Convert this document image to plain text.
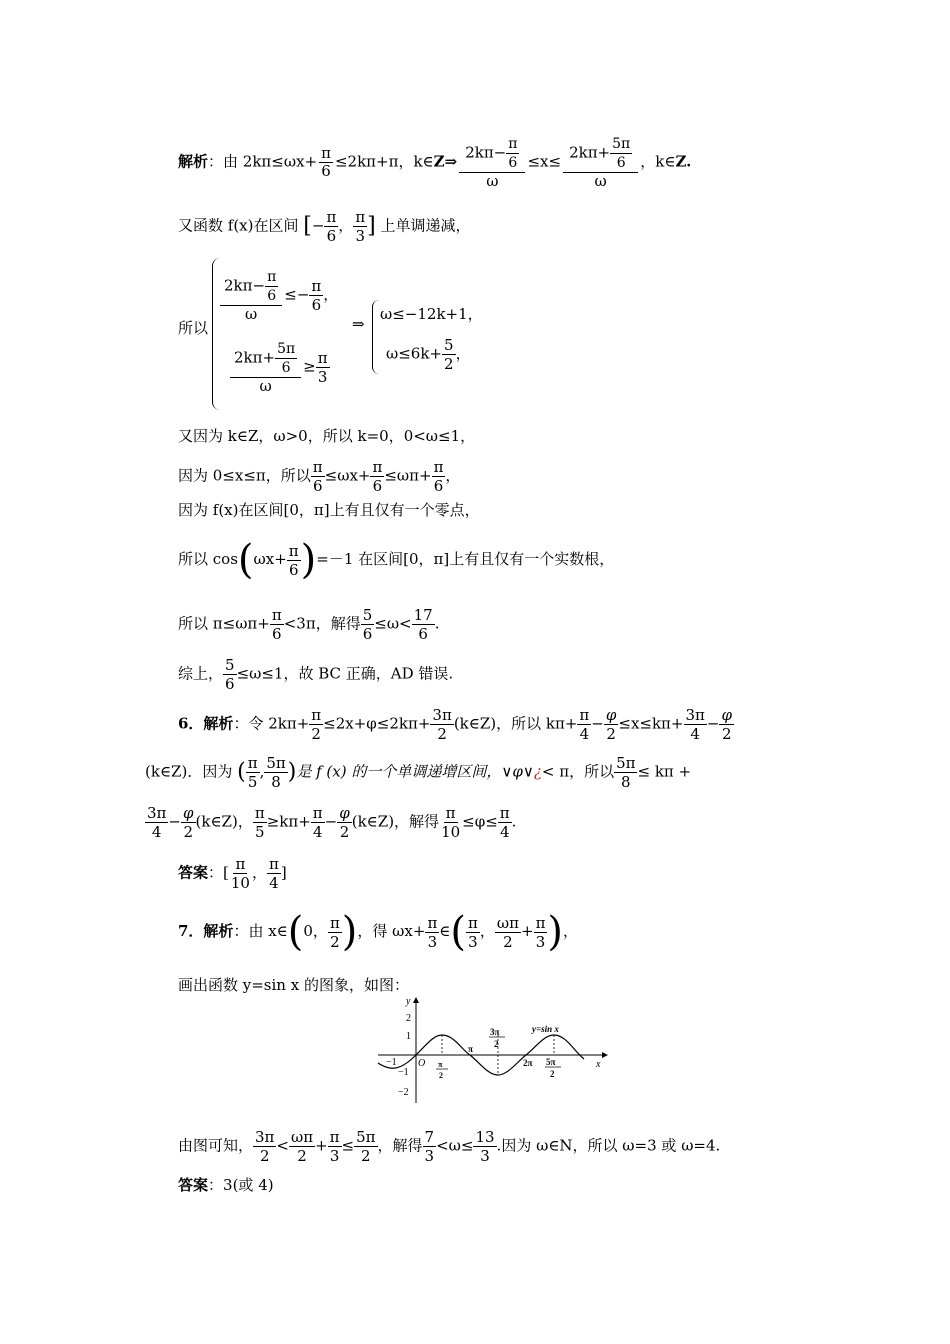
解析：由 $2k\pi\le\omega x+ \frac{\pi}{6} \le 2k\pi+\pi$，k∈Z⇒ $\frac{2k\pi- \frac{\pi}{6}}{\omega} \le x\le \frac{2k\pi+ \frac{5\pi}{6}}{\omega}$ ，k∈Z.
又函数 f(x)在区间 [− $\frac{\pi}{6}$ ， $\frac{\pi}{3}$ ] 上单调递减，
所以
$\frac{2k\pi- \frac{\pi}{6}}{\omega} \le- \frac{\pi}{6}$ ，
$\frac{2k\pi+ \frac{5\pi}{6}}{\omega} \ge \frac{\pi}{3}$
⇒
ω≤−12k+1，
$\omega\le 6k+ \frac{5}{2}$ ，
又因为 k∈Z，ω>0，所以 k=0，0<ω≤1，
因为 0≤x≤π，所以 $\frac{\pi}{6} \le\omega x+ \frac{\pi}{6} \le\omega\pi+ \frac{\pi}{6}$ ，
因为 f(x)在区间[0，π]上有且仅有一个零点，
所以 $\cos(\omega x+ \frac{\pi}{6} )=-1$ 在区间[0，π]上有且仅有一个实数根，
所以 $\pi\le\omega\pi+ \frac{\pi}{6} <3\pi$，解得 $\frac{5}{6} \le\omega< \frac{17}{6}$ .
综上， $\frac{5}{6} \le\omega\le 1$，故 BC 正确，AD 错误.
6．解析：令 $2k\pi+ \frac{\pi}{2} \le 2x+\varphi\le 2k\pi+ \frac{3\pi}{2}$ (k∈Z)，所以 $k\pi+ \frac{\pi}{4} - \frac{\varphi}{2} \le x\le k\pi+ \frac{3\pi}{4} - \frac{\varphi}{2}$
(k∈Z)．因为 ( $\frac{\pi}{5}$ , $\frac{5\pi}{8}$ )是 f (x) 的一个单调递增区间，∨φ∨¿< π，所以 $\frac{5\pi}{8} \le k\pi$ +
$\frac{3\pi}{4} - \frac{\varphi}{2}$ (k∈Z)， $\frac{\pi}{5} \ge k\pi+ \frac{\pi}{4} - \frac{\varphi}{2}$ (k∈Z)，解得 $\frac{\pi}{10} \le\varphi\le \frac{\pi}{4}$ .
答案：[ $\frac{\pi}{10}$ ， $\frac{\pi}{4}$ ]
7．解析：由 x∈(0， $\frac{\pi}{2}$ )，得 $\omega x+ \frac{\pi}{3}$ ∈( $\frac{\pi}{3}$ ， $\frac{\omega\pi}{2} + \frac{\pi}{3}$ )，
画出函数 y=sin x 的图象，如图：
y
x
2
1
−1
−1
−2
O π
2
π
3π
2
2π 5π
2
y=sin x
由图可知， $\frac{3\pi}{2} < \frac{\omega\pi}{2} + \frac{\pi}{3} \le \frac{5\pi}{2}$ ，解得 $\frac{7}{3} <\omega\le \frac{13}{3}$ .因为 ω∈N，所以 ω=3 或 ω=4.
答案：3(或 4)
